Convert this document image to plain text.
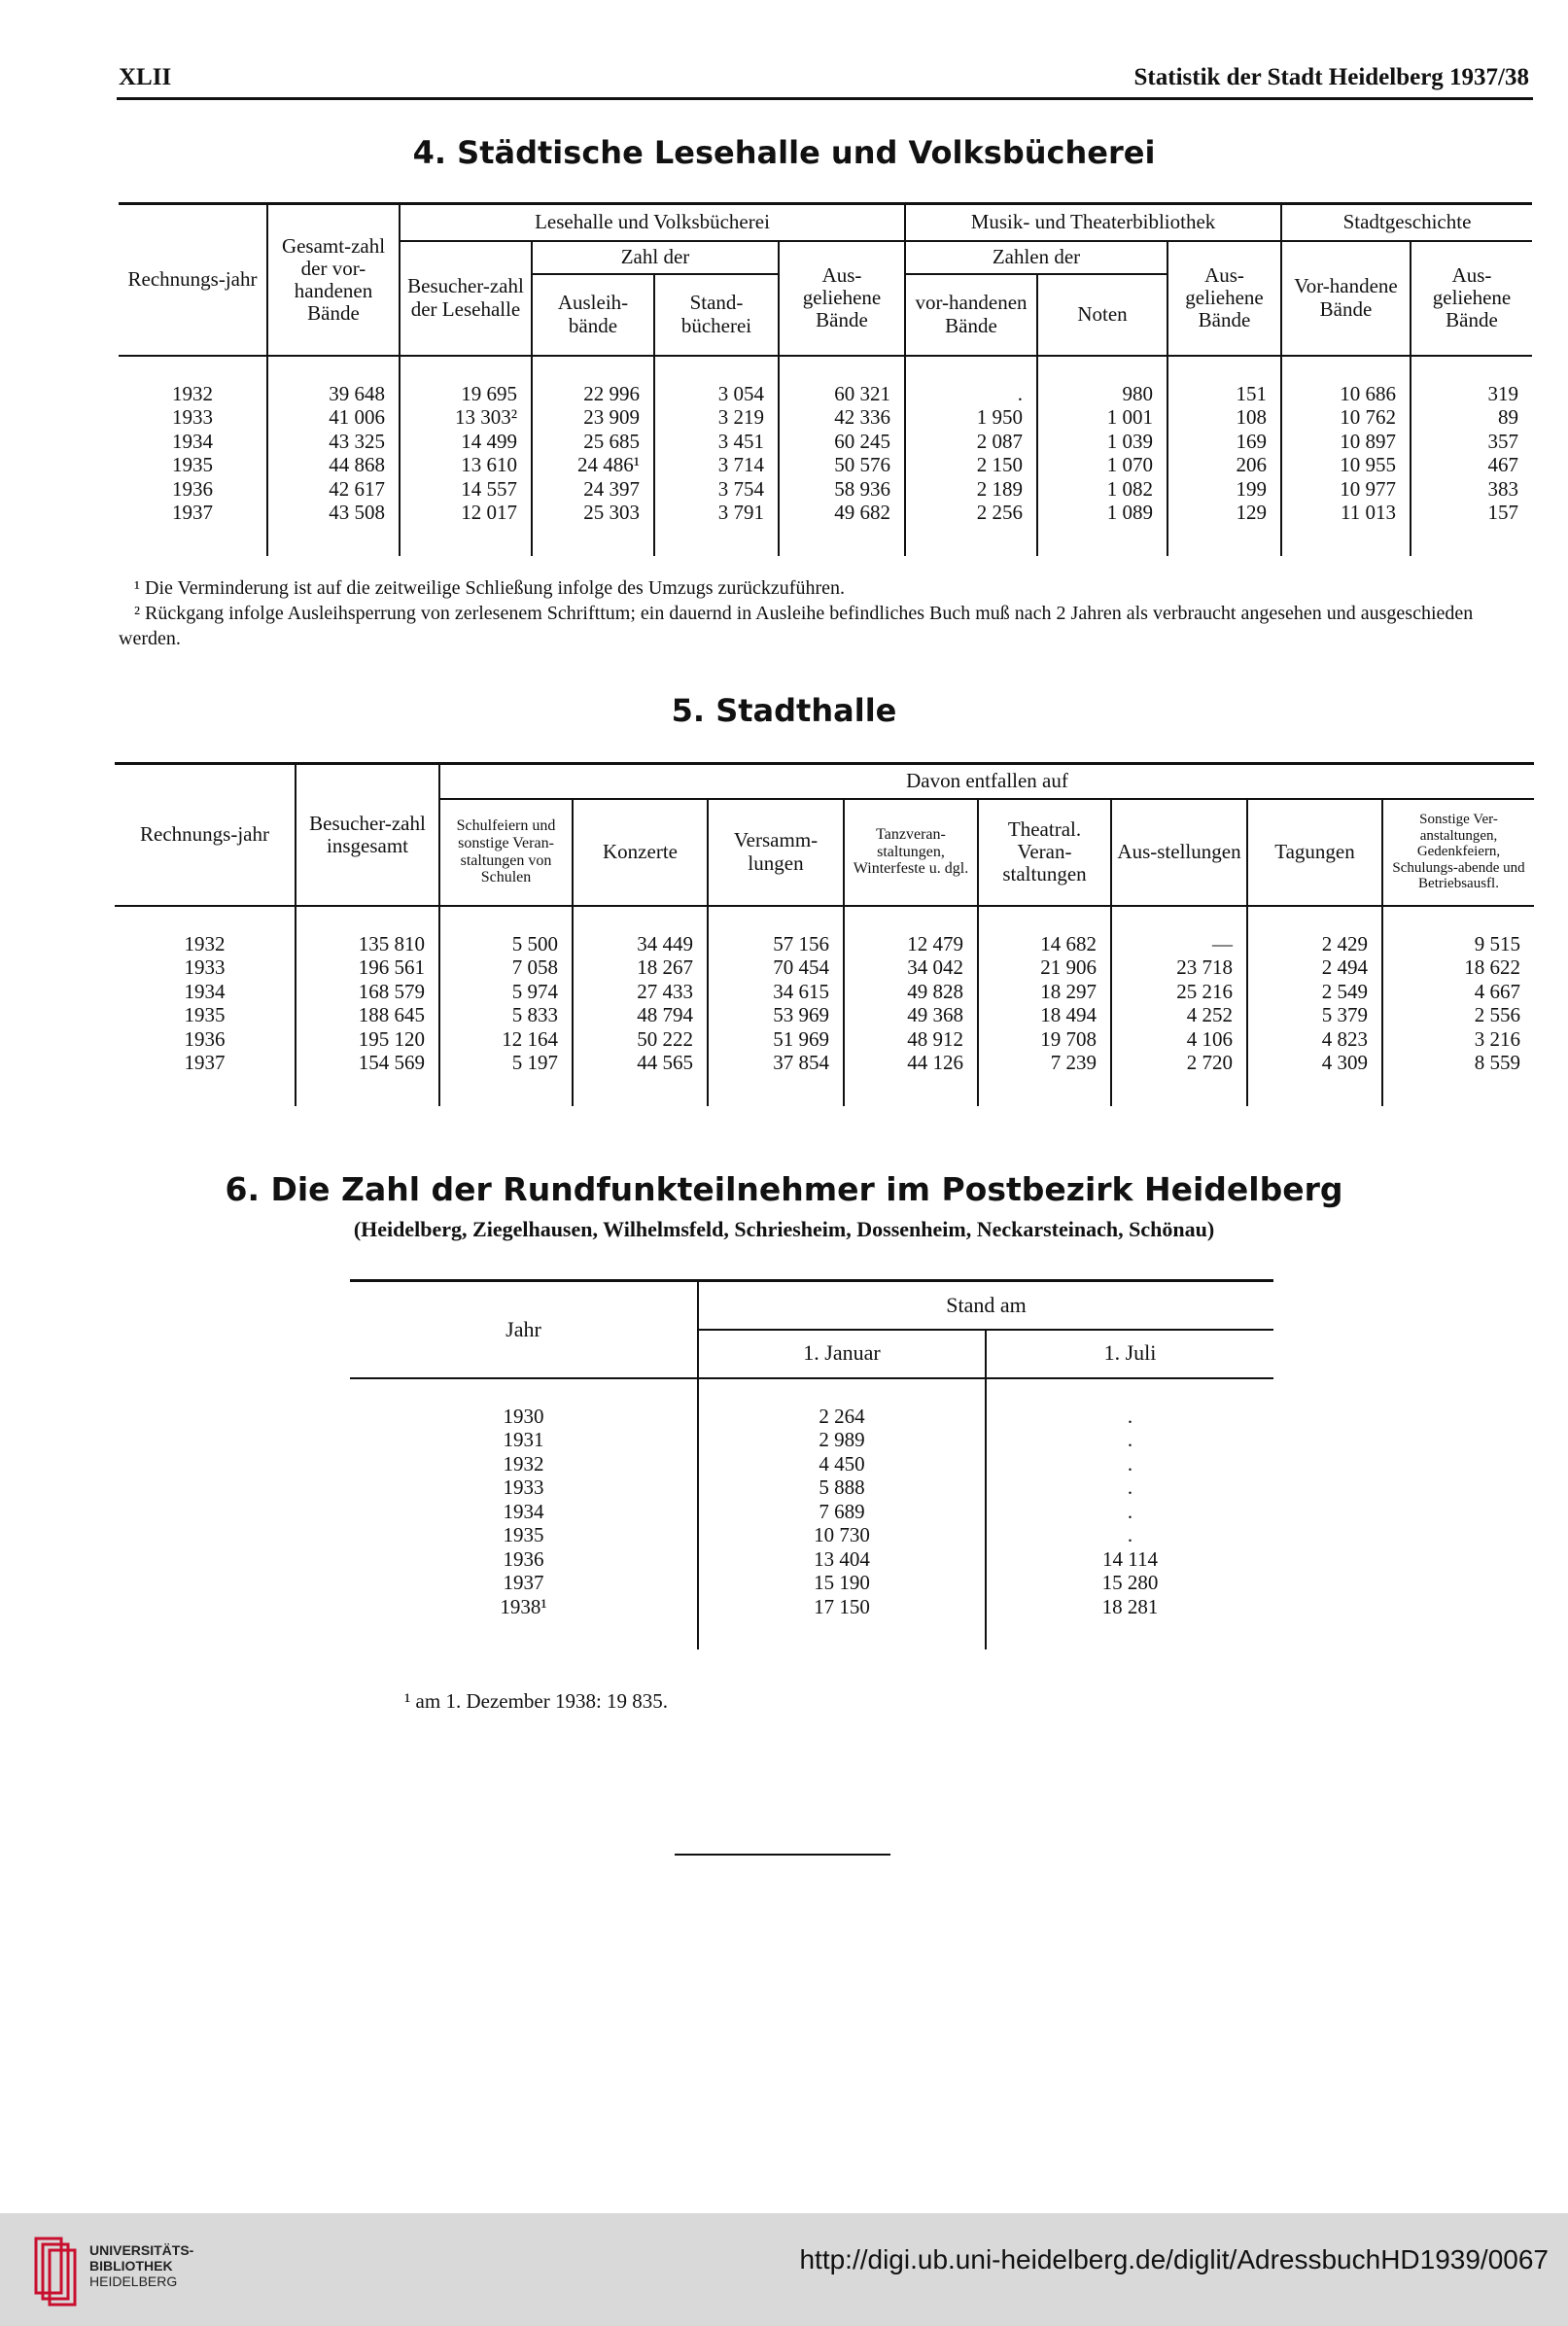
XLII	Statistik der Stadt Heidelberg 1937/38
4. Städtische Lesehalle und Volksbücherei
Rechnungs-jahr	Gesamt-zahl der vor-handenen Bände	Lesehalle und Volksbücherei				Musik- und Theaterbibliothek			Stadtgeschichte	
		Besucher-zahl der Lesehalle	Zahl der		Aus-geliehene Bände	Zahlen der		Aus-geliehene Bände	Vor-handene Bände	Aus-geliehene Bände
			Ausleih-bände	Stand-bücherei		vor-handenen Bände	Noten			

1932	39 648	19 695	22 996	3 054	60 321	.	980	151	10 686	319
1933	41 006	13 303²	23 909	3 219	42 336	1 950	1 001	108	10 762	89
1934	43 325	14 499	25 685	3 451	60 245	2 087	1 039	169	10 897	357
1935	44 868	13 610	24 486¹	3 714	50 576	2 150	1 070	206	10 955	467
1936	42 617	14 557	24 397	3 754	58 936	2 189	1 082	199	10 977	383
1937	43 508	12 017	25 303	3 791	49 682	2 256	1 089	129	11 013	157

¹ Die Verminderung ist auf die zeitweilige Schließung infolge des Umzugs zurückzuführen.
² Rückgang infolge Ausleihsperrung von zerlesenem Schrifttum; ein dauernd in Ausleihe befindliches Buch muß nach 2 Jahren als verbraucht angesehen und ausgeschieden werden.
5. Stadthalle
Rechnungs-jahr	Besucher-zahl insgesamt	Davon entfallen auf							
		Schulfeiern und sonstige Veran-staltungen von Schulen	Konzerte	Versamm-lungen	Tanzveran-staltungen, Winterfeste u. dgl.	Theatral. Veran-staltungen	Aus-stellungen	Tagungen	Sonstige Ver-anstaltungen, Gedenkfeiern, Schulungs-abende und Betriebsausfl.

1932	135 810	5 500	34 449	57 156	12 479	14 682	—	2 429	9 515
1933	196 561	7 058	18 267	70 454	34 042	21 906	23 718	2 494	18 622
1934	168 579	5 974	27 433	34 615	49 828	18 297	25 216	2 549	4 667
1935	188 645	5 833	48 794	53 969	49 368	18 494	4 252	5 379	2 556
1936	195 120	12 164	50 222	51 969	48 912	19 708	4 106	4 823	3 216
1937	154 569	5 197	44 565	37 854	44 126	7 239	2 720	4 309	8 559

6. Die Zahl der Rundfunkteilnehmer im Postbezirk Heidelberg
(Heidelberg, Ziegelhausen, Wilhelmsfeld, Schriesheim, Dossenheim, Neckarsteinach, Schönau)
Jahr	Stand am	
	1. Januar	1. Juli

1930	2 264	.
1931	2 989	.
1932	4 450	.
1933	5 888	.
1934	7 689	.
1935	10 730	.
1936	13 404	14 114
1937	15 190	15 280
1938¹	17 150	18 281

¹ am 1. Dezember 1938: 19 835.
UNIVERSITÄTS-
BIBLIOTHEK
HEIDELBERG
http://digi.ub.uni-heidelberg.de/diglit/AdressbuchHD1939/0067
